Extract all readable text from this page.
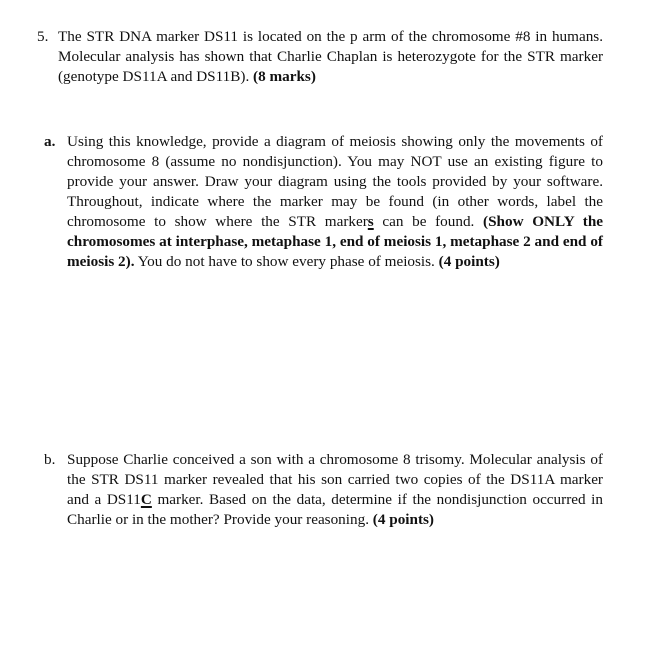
5. The STR DNA marker DS11 is located on the p arm of the chromosome #8 in humans. Molecular analysis has shown that Charlie Chaplan is heterozygote for the STR marker (genotype DS11A and DS11B). (8 marks)
a. Using this knowledge, provide a diagram of meiosis showing only the movements of chromosome 8 (assume no nondisjunction). You may NOT use an existing figure to provide your answer. Draw your diagram using the tools provided by your software. Throughout, indicate where the marker may be found (in other words, label the chromosome to show where the STR markers can be found. (Show ONLY the chromosomes at interphase, metaphase 1, end of meiosis 1, metaphase 2 and end of meiosis 2). You do not have to show every phase of meiosis. (4 points)
b. Suppose Charlie conceived a son with a chromosome 8 trisomy. Molecular analysis of the STR DS11 marker revealed that his son carried two copies of the DS11A marker and a DS11C marker. Based on the data, determine if the nondisjunction occurred in Charlie or in the mother? Provide your reasoning. (4 points)
